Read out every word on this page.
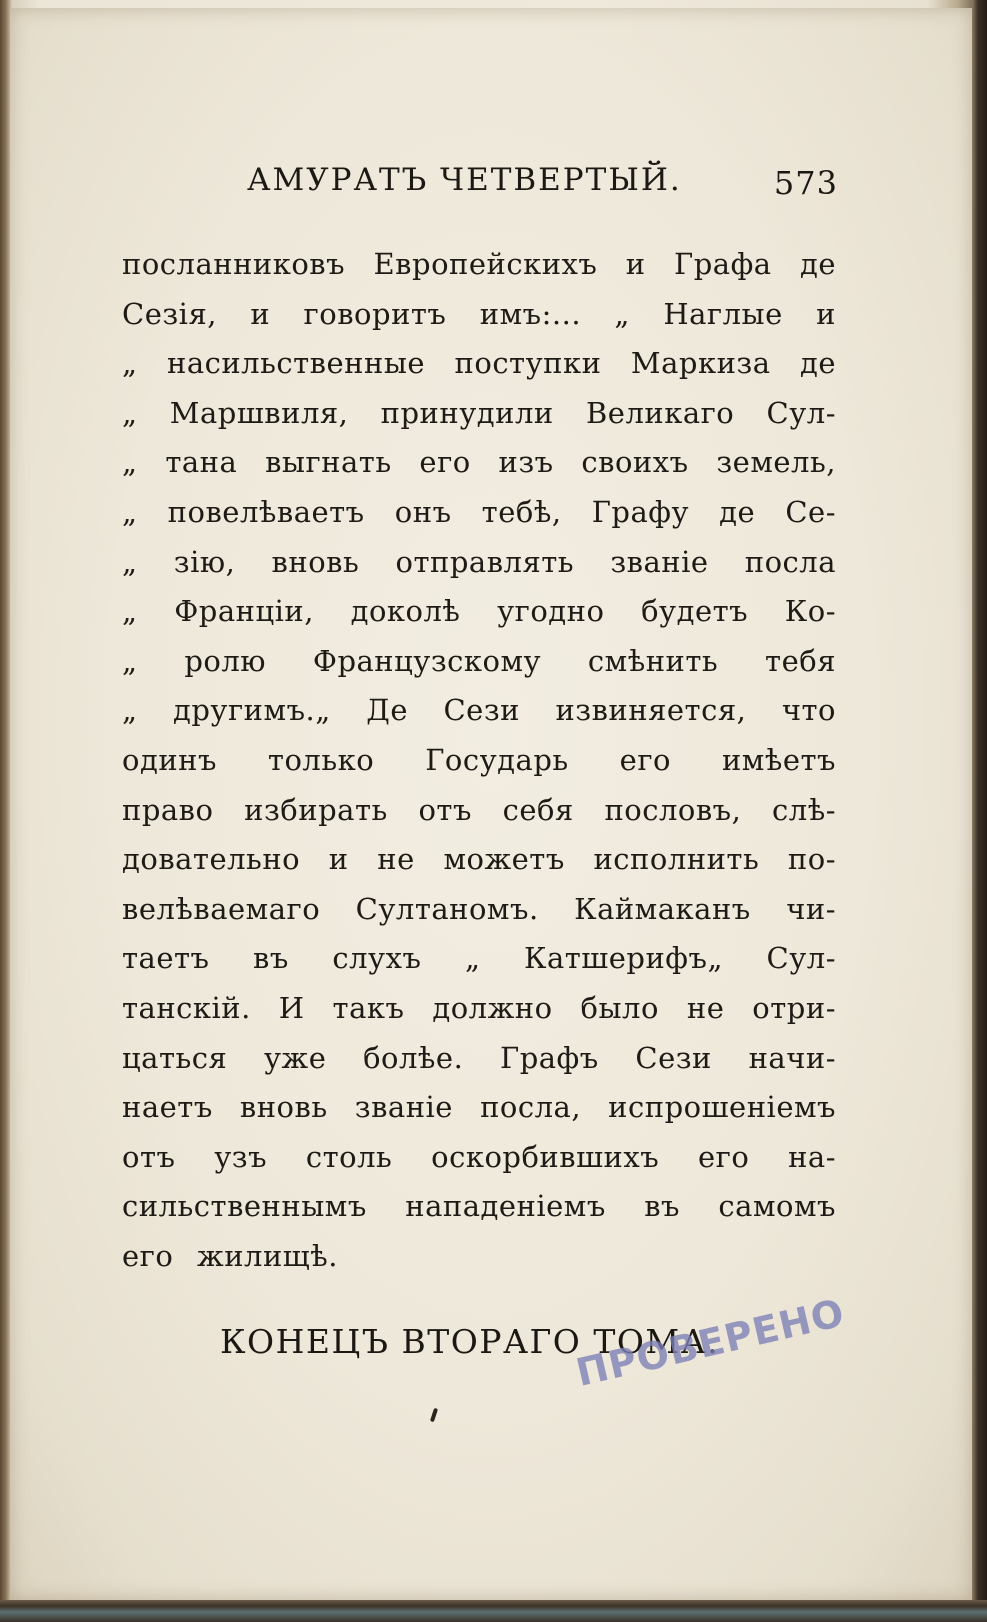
АМУРАТЪ ЧЕТВЕРТЫЙ.	573
посланниковъ Европейскихъ и Графа де
Сезія, и говоритъ имъ:... „ Наглые и
„ насильственные поступки Маркиза де
„ Маршвиля, принудили Великаго Сул-
„ тана выгнать его изъ своихъ земель,
„ повелѣваетъ онъ тебѣ, Графу де Се-
„ зію, вновь отправлять званіе посла
„ Франціи, доколѣ угодно будетъ Ко-
„ ролю Французскому смѣнить тебя
„ другимъ.„ Де Сези извиняется, что
одинъ только Государь его имѣетъ
право избирать отъ себя пословъ, слѣ-
довательно и не можетъ исполнить по-
велѣваемаго Султаномъ. Каймаканъ чи-
таетъ въ слухъ „ Катшерифъ„ Сул-
танскій. И такъ должно было не отри-
цаться уже болѣе. Графъ Сези начи-
наетъ вновь званіе посла, испрошеніемъ
отъ узъ столь оскорбившихъ его на-
сильственнымъ нападеніемъ въ самомъ
его жилищѣ.
КОНЕЦЪ ВТОРАГО ТОМА.
ПРОВЕРЕНО
